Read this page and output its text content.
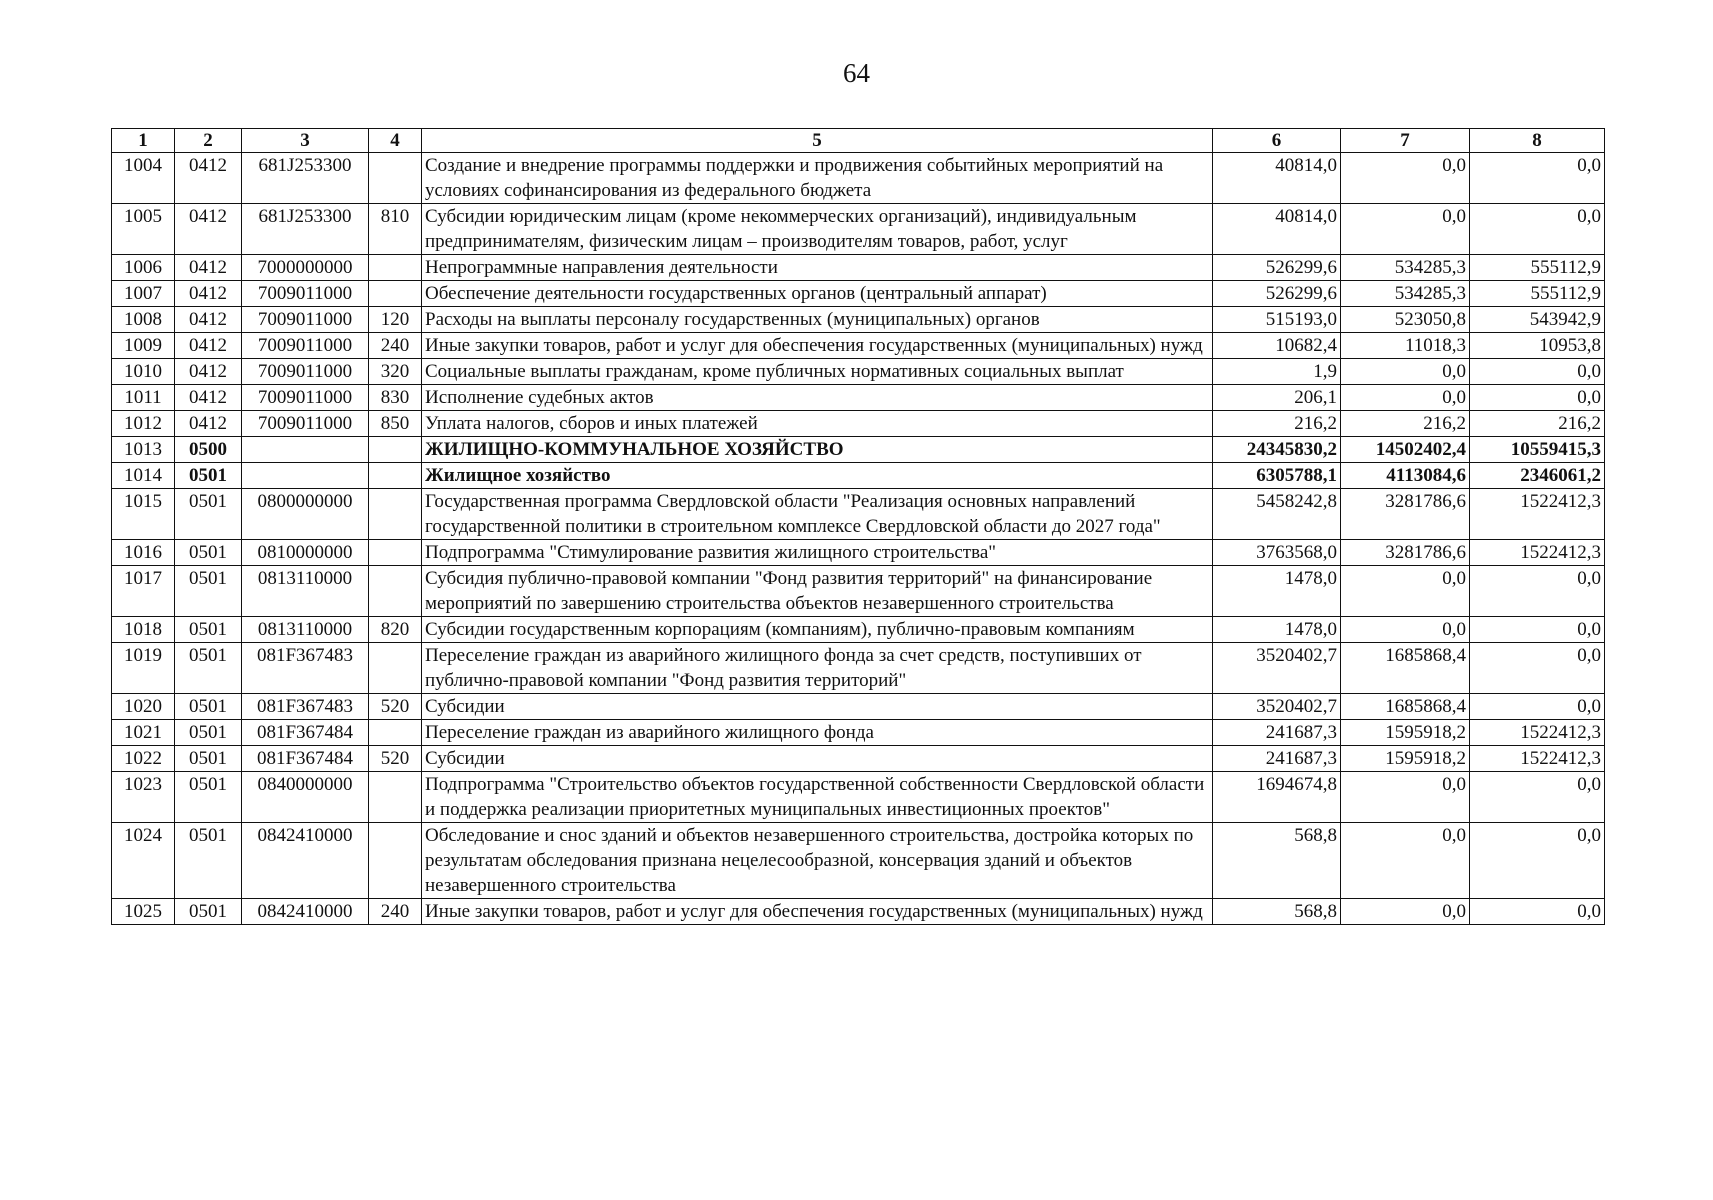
64
1	2	3	4	5	6	7	8
1004	0412	681J253300		Создание и внедрение программы поддержки и продвижения событийных мероприятий на условиях софинансирования из федерального бюджета	40814,0	0,0	0,0
1005	0412	681J253300	810	Субсидии юридическим лицам (кроме некоммерческих организаций), индивидуальным предпринимателям, физическим лицам – производителям товаров, работ, услуг	40814,0	0,0	0,0
1006	0412	7000000000		Непрограммные направления деятельности	526299,6	534285,3	555112,9
1007	0412	7009011000		Обеспечение деятельности государственных органов (центральный аппарат)	526299,6	534285,3	555112,9
1008	0412	7009011000	120	Расходы на выплаты персоналу государственных (муниципальных) органов	515193,0	523050,8	543942,9
1009	0412	7009011000	240	Иные закупки товаров, работ и услуг для обеспечения государственных (муниципальных) нужд	10682,4	11018,3	10953,8
1010	0412	7009011000	320	Социальные выплаты гражданам, кроме публичных нормативных социальных выплат	1,9	0,0	0,0
1011	0412	7009011000	830	Исполнение судебных актов	206,1	0,0	0,0
1012	0412	7009011000	850	Уплата налогов, сборов и иных платежей	216,2	216,2	216,2
1013	0500			ЖИЛИЩНО-КОММУНАЛЬНОЕ ХОЗЯЙСТВО	24345830,2	14502402,4	10559415,3
1014	0501			Жилищное хозяйство	6305788,1	4113084,6	2346061,2
1015	0501	0800000000		Государственная программа Свердловской области "Реализация основных направлений государственной политики в строительном комплексе Свердловской области до 2027 года"	5458242,8	3281786,6	1522412,3
1016	0501	0810000000		Подпрограмма "Стимулирование развития жилищного строительства"	3763568,0	3281786,6	1522412,3
1017	0501	0813110000		Субсидия публично-правовой компании "Фонд развития территорий" на финансирование мероприятий по завершению строительства объектов незавершенного строительства	1478,0	0,0	0,0
1018	0501	0813110000	820	Субсидии государственным корпорациям (компаниям), публично-правовым компаниям	1478,0	0,0	0,0
1019	0501	081F367483		Переселение граждан из аварийного жилищного фонда за счет средств, поступивших от публично-правовой компании "Фонд развития территорий"	3520402,7	1685868,4	0,0
1020	0501	081F367483	520	Субсидии	3520402,7	1685868,4	0,0
1021	0501	081F367484		Переселение граждан из аварийного жилищного фонда	241687,3	1595918,2	1522412,3
1022	0501	081F367484	520	Субсидии	241687,3	1595918,2	1522412,3
1023	0501	0840000000		Подпрограмма "Строительство объектов государственной собственности Свердловской области и поддержка реализации приоритетных муниципальных инвестиционных проектов"	1694674,8	0,0	0,0
1024	0501	0842410000		Обследование и снос зданий и объектов незавершенного строительства, достройка которых по результатам обследования признана нецелесообразной, консервация зданий и объектов незавершенного строительства	568,8	0,0	0,0
1025	0501	0842410000	240	Иные закупки товаров, работ и услуг для обеспечения государственных (муниципальных) нужд	568,8	0,0	0,0
